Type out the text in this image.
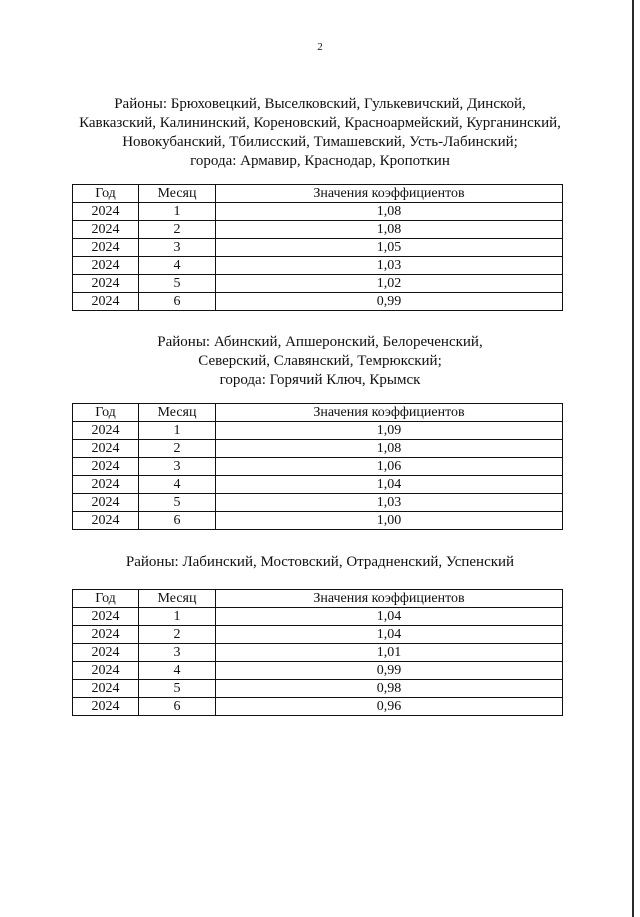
2
Районы: Брюховецкий, Выселковский, Гулькевичский, Динской,
Кавказский, Калининский, Кореновский, Красноармейский, Курганинский,
Новокубанский, Тбилисский, Тимашевский, Усть-Лабинский;
города: Армавир, Краснодар, Кропоткин
Год	Месяц	Значения коэффициентов
2024	1	1,08
2024	2	1,08
2024	3	1,05
2024	4	1,03
2024	5	1,02
2024	6	0,99
Районы: Абинский, Апшеронский, Белореченский,
Северский, Славянский, Темрюкский;
города: Горячий Ключ, Крымск
Год	Месяц	Значения коэффициентов
2024	1	1,09
2024	2	1,08
2024	3	1,06
2024	4	1,04
2024	5	1,03
2024	6	1,00
Районы: Лабинский, Мостовский, Отрадненский, Успенский
Год	Месяц	Значения коэффициентов
2024	1	1,04
2024	2	1,04
2024	3	1,01
2024	4	0,99
2024	5	0,98
2024	6	0,96
